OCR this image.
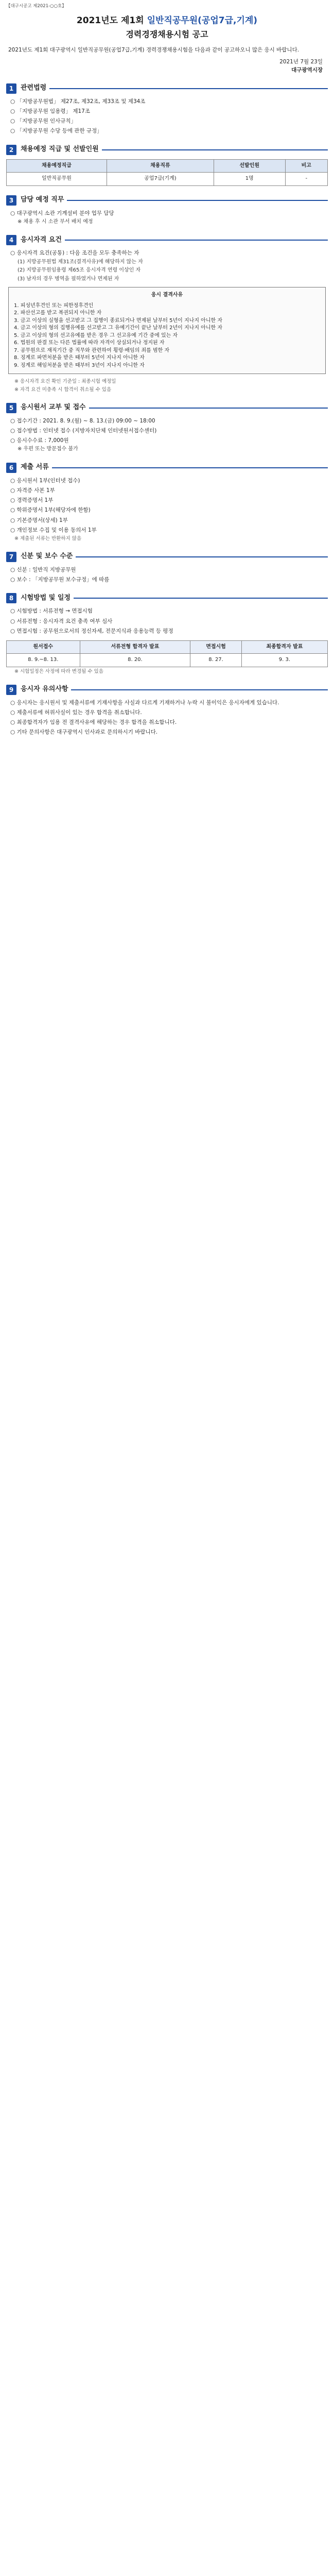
【대구시공고 제2021-○○호】
2021년도 제1회 일반직공무원(공업7급,기계)
경력경쟁채용시험 공고
2021년도 제1회 대구광역시 일반직공무원(공업7급,기계) 경력경쟁채용시험을 다음과 같이 공고하오니 많은 응시 바랍니다.
2021년 7월 23일
대구광역시장
1	관련법령
○ 「지방공무원법」 제27조, 제32조, 제33조 및 제34조
○ 「지방공무원 임용령」 제17조
○ 「지방공무원 인사규칙」
○ 「지방공무원 수당 등에 관한 규정」
2	채용예정 직급 및 선발인원
채용예정직급	채용직류	선발인원	비고
일반직공무원	공업7급(기계)	1명	-
3	담당 예정 직무
○ 대구광역시 소관 기계설비 분야 업무 담당
※ 채용 후 시 소관 부서 배치 예정
4	응시자격 요건
○ 응시자격 요건(공통) : 다음 조건을 모두 충족하는 자
(1) 지방공무원법 제31조(결격사유)에 해당하지 않는 자
(2) 지방공무원임용령 제65조 응시자격 연령 이상인 자
(3) 남자의 경우 병역을 필하였거나 면제된 자
응시 결격사유
1. 피성년후견인 또는 피한정후견인
2. 파산선고를 받고 복권되지 아니한 자
3. 금고 이상의 실형을 선고받고 그 집행이 종료되거나 면제된 날부터 5년이 지나지 아니한 자
4. 금고 이상의 형의 집행유예를 선고받고 그 유예기간이 끝난 날부터 2년이 지나지 아니한 자
5. 금고 이상의 형의 선고유예를 받은 경우 그 선고유예 기간 중에 있는 자
6. 법원의 판결 또는 다른 법률에 따라 자격이 상실되거나 정지된 자
7. 공무원으로 재직기간 중 직무와 관련하여 횡령·배임의 죄를 범한 자
8. 징계로 파면처분을 받은 때부터 5년이 지나지 아니한 자
9. 징계로 해임처분을 받은 때부터 3년이 지나지 아니한 자
※ 응시자격 요건 확인 기준일 : 최종시험 예정일
※ 자격 요건 미충족 시 합격이 취소될 수 있음
5	응시원서 교부 및 접수
○ 접수기간 : 2021. 8. 9.(월) ~ 8. 13.(금) 09:00 ~ 18:00
○ 접수방법 : 인터넷 접수 (지방자치단체 인터넷원서접수센터)
○ 응시수수료 : 7,000원
※ 우편 또는 방문접수 불가
6	제출 서류
○ 응시원서 1부(인터넷 접수)
○ 자격증 사본 1부
○ 경력증명서 1부
○ 학위증명서 1부(해당자에 한함)
○ 기본증명서(상세) 1부
○ 개인정보 수집 및 이용 동의서 1부
※ 제출된 서류는 반환하지 않음
7	신분 및 보수 수준
○ 신분 : 일반직 지방공무원
○ 보수 : 「지방공무원 보수규정」에 따름
8	시험방법 및 일정
○ 시험방법 : 서류전형 → 면접시험
○ 서류전형 : 응시자격 요건 충족 여부 심사
○ 면접시험 : 공무원으로서의 정신자세, 전문지식과 응용능력 등 평정
원서접수	서류전형 합격자 발표	면접시험	최종합격자 발표
8. 9.~8. 13.	8. 20.	8. 27.	9. 3.
※ 시험일정은 사정에 따라 변경될 수 있음
9	응시자 유의사항
○ 응시자는 응시원서 및 제출서류에 기재사항을 사실과 다르게 기재하거나 누락 시 불이익은 응시자에게 있습니다.
○ 제출서류에 허위사실이 있는 경우 합격을 취소합니다.
○ 최종합격자가 임용 전 결격사유에 해당하는 경우 합격을 취소합니다.
○ 기타 문의사항은 대구광역시 인사과로 문의하시기 바랍니다.
